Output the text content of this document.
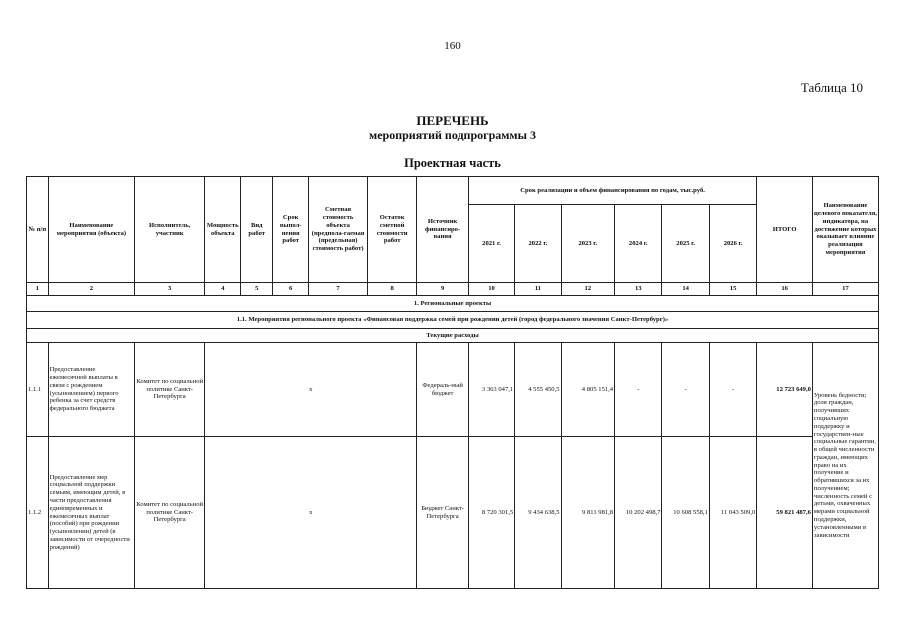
160
Таблица 10
ПЕРЕЧЕНЬ
мероприятий подпрограммы 3
Проектная часть
№ п/п	Наименование мероприятия (объекта)	Исполнитель, участник	Мощность объекта	Вид работ	Срок выпол-нения работ	Сметная стоимость объекта (предпола-гаемая (предельная) стоимость работ)	Остаток сметной стоимости работ	Источник финансиро-вания	Срок реализации и объем финансирования по годам, тыс.руб.						ИТОГО	Наименование целевого показателя, индикатора, на достижение которых оказывает влияние реализация мероприятия
									2021 г.	2022 г.	2023 г.	2024 г.	2025 г.	2026 г.		
1	2	3	4	5	6	7	8	9	10	11	12	13	14	15	16	17
1. Региональные проекты																
1.1. Мероприятия регионального проекта «Финансовая поддержка семей при рождении детей (город федерального значения Санкт-Петербург)»																
Текущие расходы																
1.1.1	Предоставление ежемесячной выплаты в связи с рождением (усыновлением) первого ребенка за счет средств федерального бюджета	Комитет по социальной политике Санкт-Петербурга	х					Федераль-ный бюджет	3 363 047,1	4 555 450,5	4 805 151,4	-	-	-	12 723 649,0	Уровень бедности; доля граждан, получивших социальную поддержку и государствен-ные социальные гарантии, в общей численности граждан, имеющих право на их получение и обратившихся за их получением; численность семей с детьми, охваченных мерами социальной поддержки, установленными в зависимости
1.1.2	Предоставление мер социальной поддержки семьям, имеющим детей, в части предоставления единовременных и ежемесячных выплат (пособий) при рождении (усыновлении) детей (в зависимости от очередности рождений)	Комитет по социальной политике Санкт-Петербурга	х					Бюджет Санкт-Петербурга	8 720 301,5	9 434 638,5	9 811 981,8	10 202 498,7	10 608 558,1	11 043 509,0	59 821 487,6	
